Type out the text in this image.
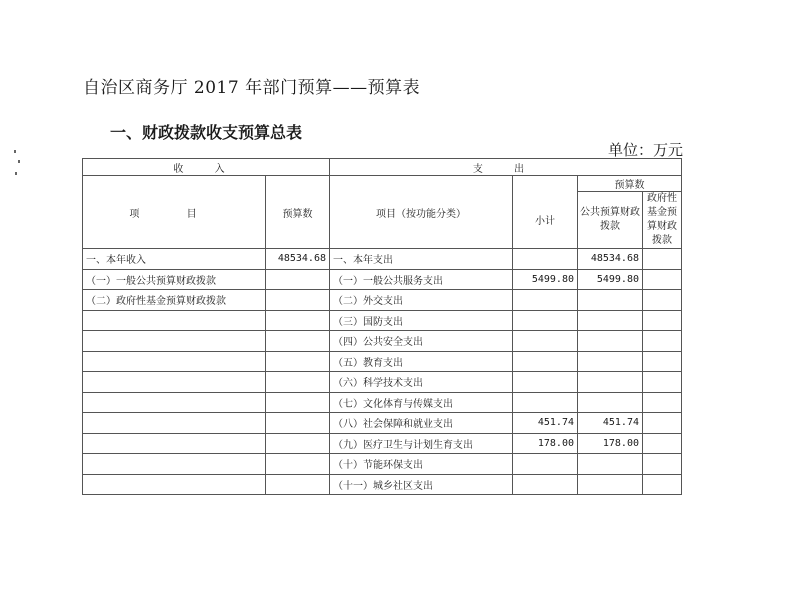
自治区商务厅 2017 年部门预算——预算表
一、财政拨款收支预算总表
单位：万元
收 入		支 出			
项 目	预算数	项目（按功能分类）		预算数	
			小计	公共预算财政拨款	政府性基金预算财政拨款
一、本年收入	48534.68	一、本年支出		48534.68	
（一）一般公共预算财政拨款		（一）一般公共服务支出	5499.80	5499.80	
（二）政府性基金预算财政拨款		（二）外交支出			
		（三）国防支出			
		（四）公共安全支出			
		（五）教育支出			
		（六）科学技术支出			
		（七）文化体育与传媒支出			
		（八）社会保障和就业支出	451.74	451.74	
		（九）医疗卫生与计划生育支出	178.00	178.00	
		（十）节能环保支出			
		（十一）城乡社区支出			
